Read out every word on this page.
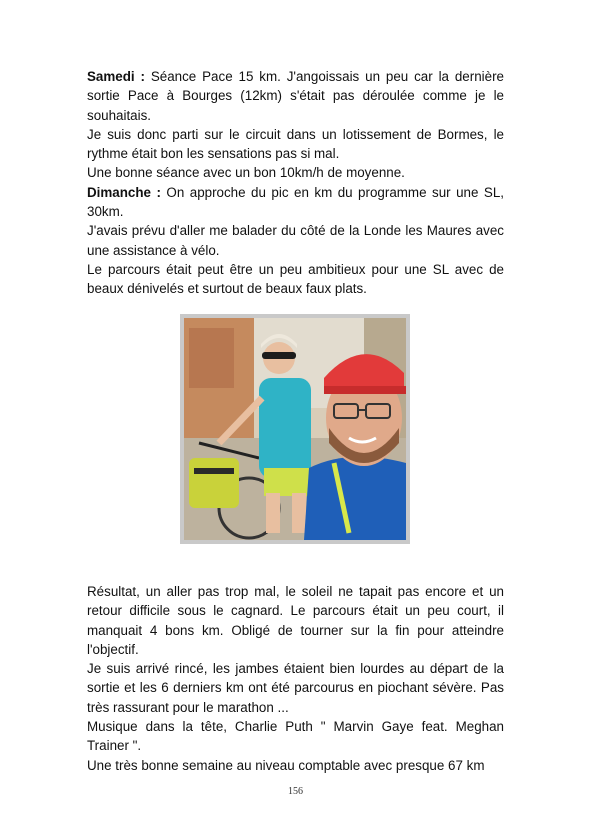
Samedi : Séance Pace 15 km. J'angoissais un peu car la dernière sortie Pace à Bourges (12km) s'était pas déroulée comme je le souhaitais.

Je suis donc parti sur le circuit dans un lotissement de Bormes, le rythme était bon les sensations pas si mal.

Une bonne séance avec un bon 10km/h de moyenne.

Dimanche : On approche du pic en km du programme sur une SL, 30km.

J'avais prévu d'aller me balader du côté de la Londe les Maures avec une assistance à vélo.

Le parcours était peut être un peu ambitieux pour une SL avec de beaux dénivelés et surtout de beaux faux plats.

Résultat, un aller pas trop mal, le soleil ne tapait pas encore et un retour difficile sous le cagnard. Le parcours était un peu court, il manquait 4 bons km. Obligé de tourner sur la fin pour atteindre l'objectif.

Je suis arrivé rincé, les jambes étaient bien lourdes au départ de la sortie et les 6 derniers km ont été parcourus en piochant sévère. Pas très rassurant pour le marathon ...

Musique dans la tête, Charlie Puth " Marvin Gaye feat. Meghan Trainer ".

Une très bonne semaine au niveau comptable avec presque 67 km

156
